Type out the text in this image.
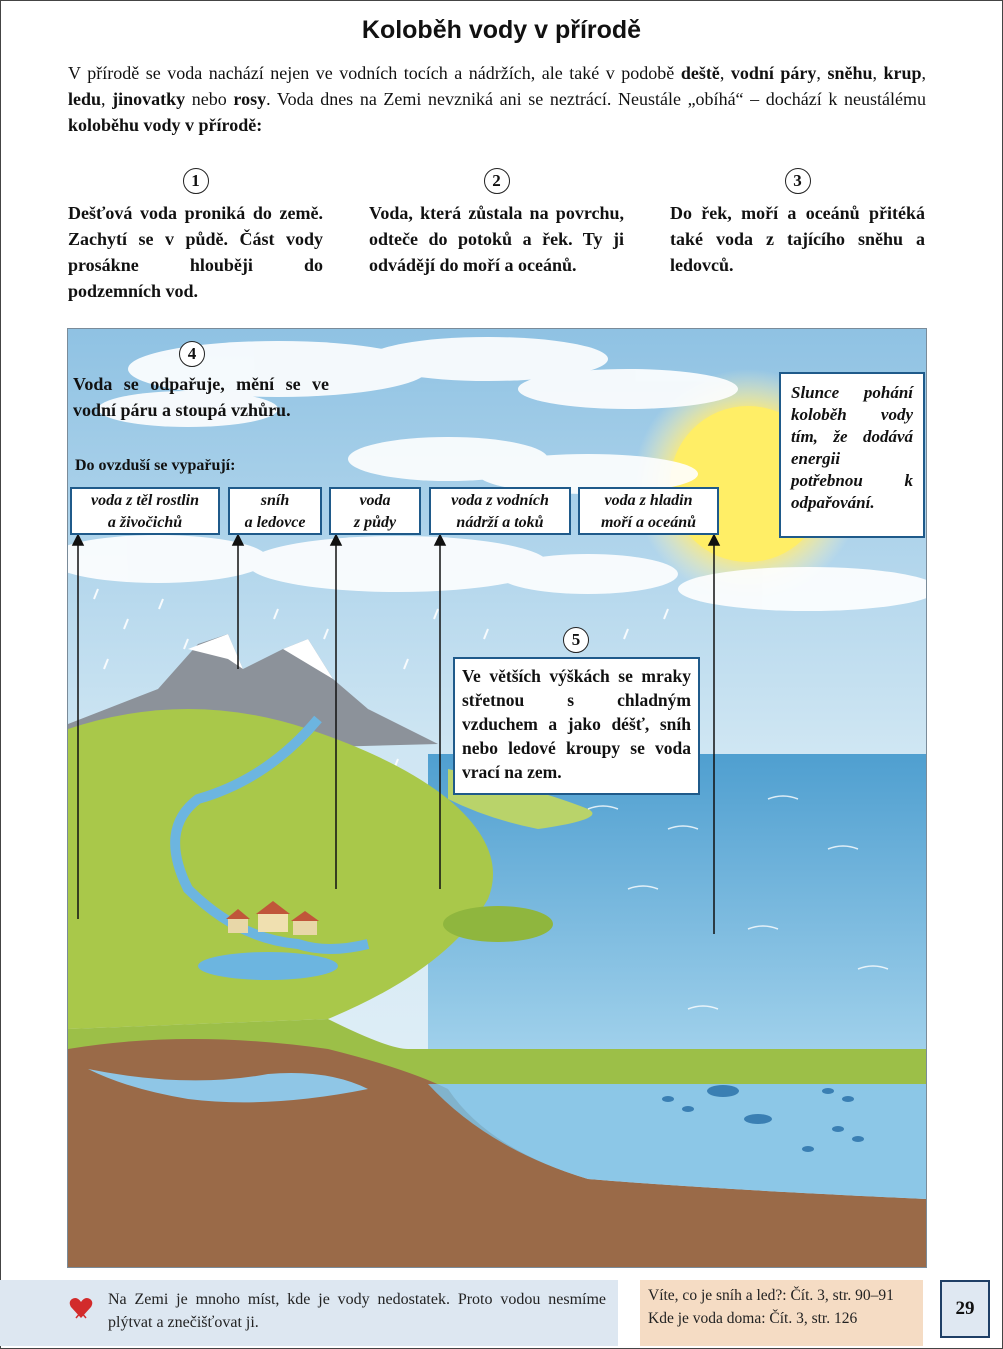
Koloběh vody v přírodě
V přírodě se voda nachází nejen ve vodních tocích a nádržích, ale také v podobě deště, vodní páry, sněhu, krup, ledu, jinovatky nebo rosy. Voda dnes na Zemi nevzniká ani se neztrácí. Neustále „obíhá“ – dochází k neustálému koloběhu vody v přírodě:
1
Dešťová voda proniká do země. Zachytí se v půdě. Část vody prosákne hlouběji do podzemních vod.
2
Voda, která zůstala na povrchu, odteče do potoků a řek. Ty ji odvádějí do moří a oceánů.
3
Do řek, moří a oceánů přitéká také voda z tajícího sněhu a ledovců.
4
Voda se odpařuje, mění se ve vodní páru a stoupá vzhůru.
Do ovzduší se vypařují:
voda z těl rostlin
a živočichů
sníh
a ledovce
voda
z půdy
voda z vodních
nádrží a toků
voda z hladin
moří a oceánů
Slunce pohání koloběh vody tím, že dodává energii potřebnou k odpařování.
5
Ve větších výškách se mraky střetnou s chladným vzduchem a jako déšť, sníh nebo ledové kroupy se voda vrací na zem.
Na Zemi je mnoho míst, kde je vody nedostatek. Proto vodou nesmíme plýtvat a znečišťovat ji.
Víte, co je sníh a led?: Čít. 3, str. 90–91
Kde je voda doma: Čít. 3, str. 126	29
